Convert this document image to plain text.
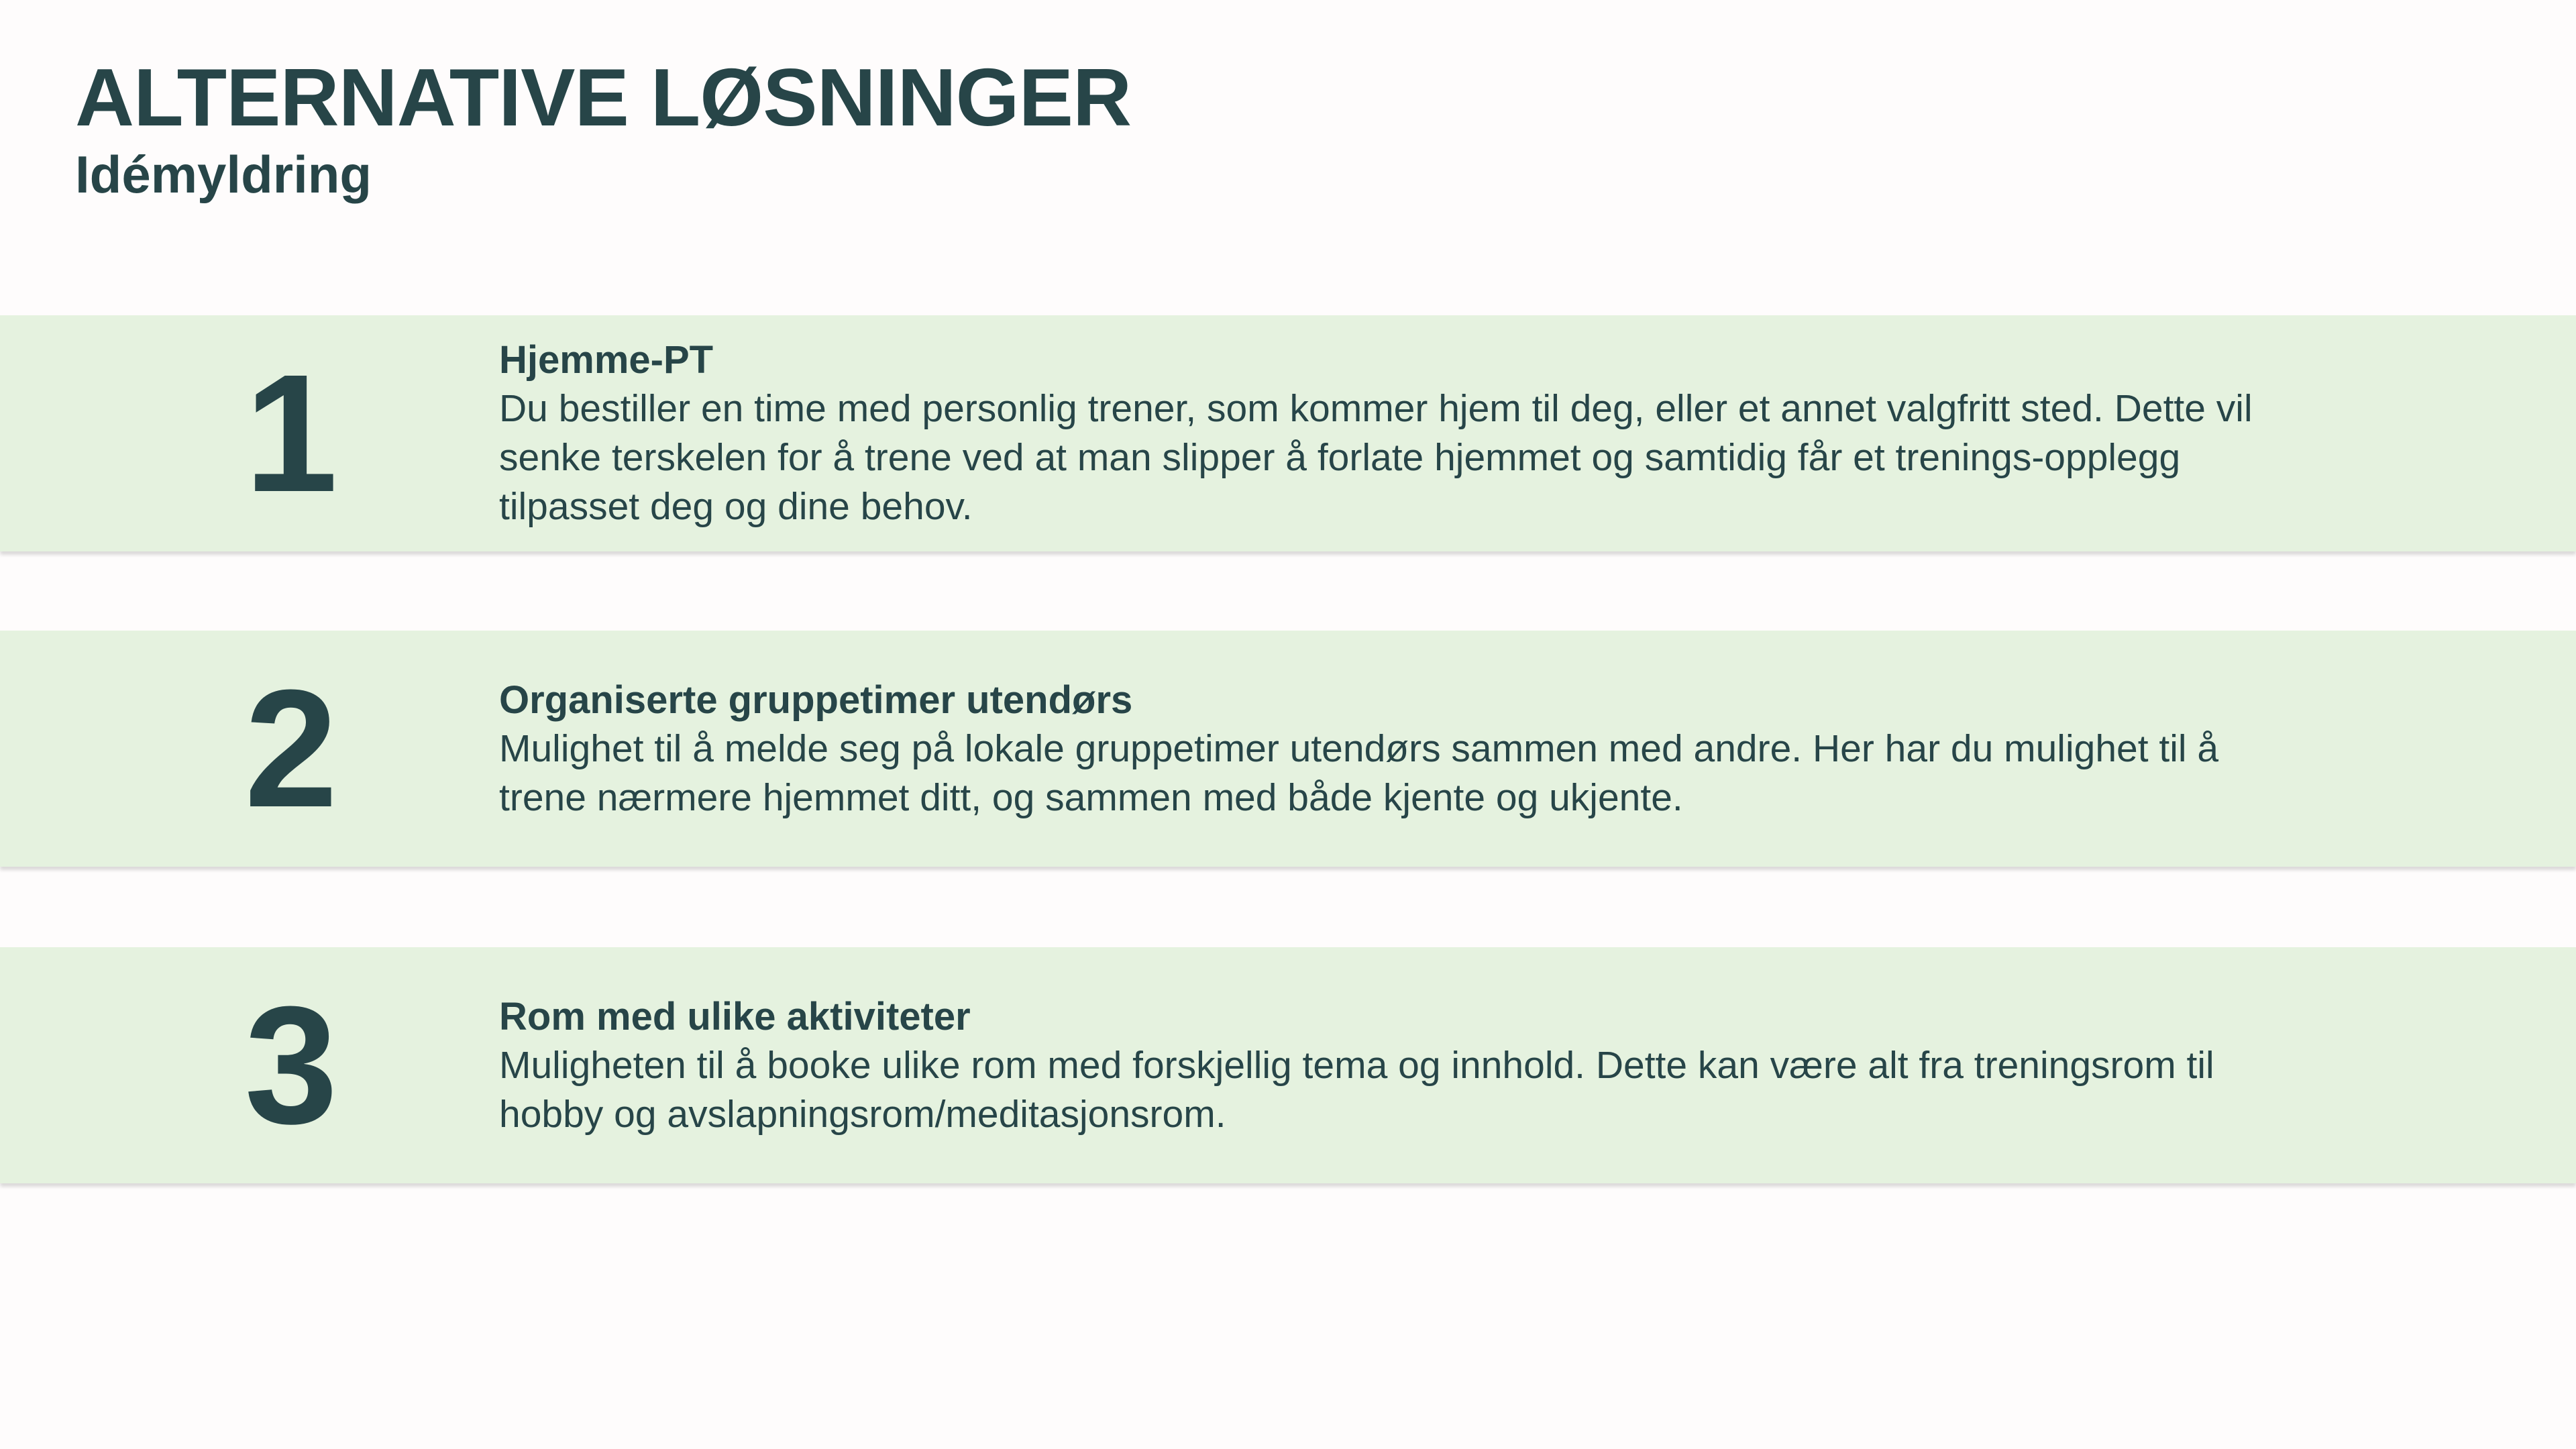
ALTERNATIVE LØSNINGER
Idémyldring
1	Hjemme-PT
Du bestiller en time med personlig trener, som kommer hjem til deg, eller et annet valgfritt sted. Dette vil senke terskelen for å trene ved at man slipper å forlate hjemmet og samtidig får et trenings-opplegg tilpasset deg og dine behov.
2	Organiserte gruppetimer utendørs
Mulighet til å melde seg på lokale gruppetimer utendørs sammen med andre. Her har du mulighet til å trene nærmere hjemmet ditt, og sammen med både kjente og ukjente.
3	Rom med ulike aktiviteter
Muligheten til å booke ulike rom med forskjellig tema og innhold. Dette kan være alt fra treningsrom til hobby og avslapningsrom/meditasjonsrom.
